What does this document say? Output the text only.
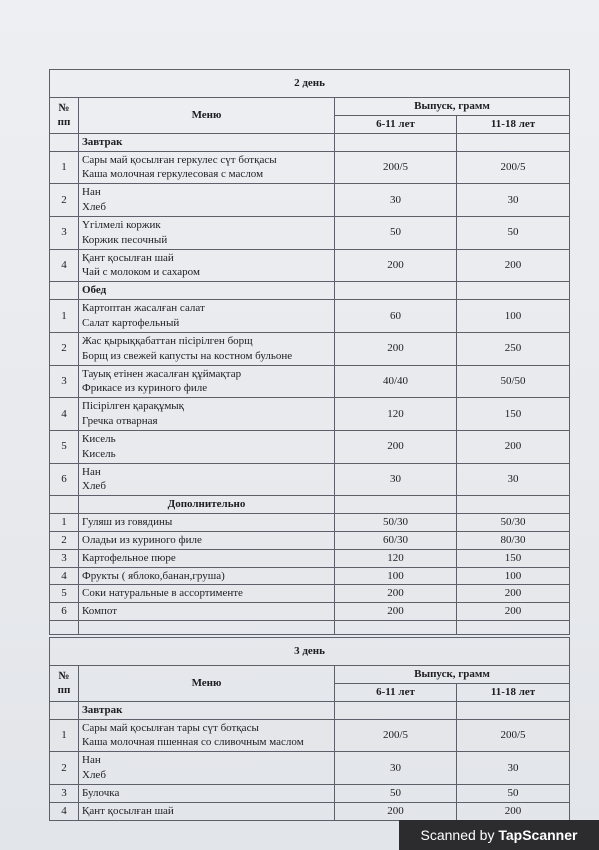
2 день			
№ пп	Меню	Выпуск, грамм	
		6-11 лет	11-18 лет
	Завтрак		
1	Сары май қосылған геркулес сүт ботқасы
Каша молочная геркулесовая с маслом	200/5	200/5
2	Нан
Хлеб	30	30
3	Үгілмелі коржик
Коржик песочный	50	50
4	Қант қосылған шай
Чай с молоком и сахаром	200	200
	Обед		
1	Картоптан жасалған салат
Салат картофельный	60	100
2	Жас қырыққабаттан пісірілген борщ
Борщ из свежей капусты на костном бульоне	200	250
3	Тауық етінен жасалған құймақтар
Фрикасе из куриного филе	40/40	50/50
4	Пісірілген қарақұмық
Гречка отварная	120	150
5	Кисель
Кисель	200	200
6	Нан
Хлеб	30	30
	Дополнительно		
1	Гуляш из говядины	50/30	50/30
2	Оладьи из куриного филе	60/30	80/30
3	Картофельное пюре	120	150
4	Фрукты ( яблоко,банан,груша)	100	100
5	Соки натуральные в ассортименте	200	200
6	Компот	200	200

3 день			
№ пп	Меню	Выпуск, грамм	
		6-11 лет	11-18 лет
	Завтрак		
1	Сары май қосылған тары сүт ботқасы
Каша молочная пшенная со сливочным маслом	200/5	200/5
2	Нан
Хлеб	30	30
3	Булочка	50	50
4	Қант қосылған шай	200	200
Scanned by TapScanner
